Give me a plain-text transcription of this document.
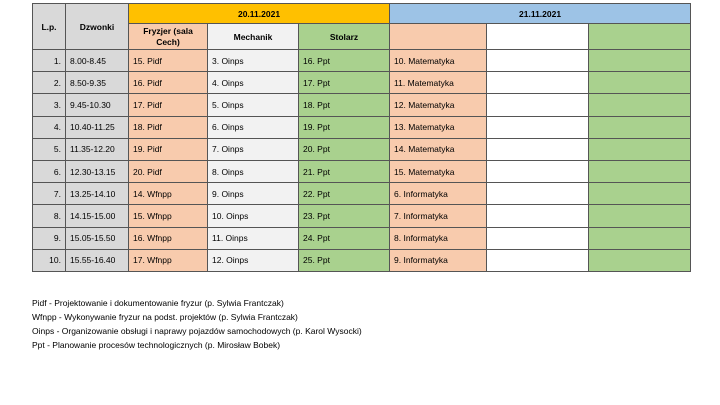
L.p.	Dzwonki	20.11.2021			21.11.2021		
		Fryzjer (sala Cech)	Mechanik	Stolarz			
1.	8.00-8.45	15. Pidf	3. Oinps	16. Ppt	10. Matematyka		
2.	8.50-9.35	16. Pidf	4. Oinps	17. Ppt	11. Matematyka		
3.	9.45-10.30	17. Pidf	5. Oinps	18. Ppt	12. Matematyka		
4.	10.40-11.25	18. Pidf	6. Oinps	19. Ppt	13. Matematyka		
5.	11.35-12.20	19. Pidf	7. Oinps	20. Ppt	14. Matematyka		
6.	12.30-13.15	20. Pidf	8. Oinps	21. Ppt	15. Matematyka		
7.	13.25-14.10	14. Wfnpp	9. Oinps	22. Ppt	6. Informatyka		
8.	14.15-15.00	15. Wfnpp	10. Oinps	23. Ppt	7. Informatyka		
9.	15.05-15.50	16. Wfnpp	11. Oinps	24. Ppt	8. Informatyka		
10.	15.55-16.40	17. Wfnpp	12. Oinps	25. Ppt	9. Informatyka		
Pidf - Projektowanie i dokumentowanie fryzur (p. Sylwia Frantczak)
Wfnpp - Wykonywanie fryzur na podst. projektów (p. Sylwia Frantczak)
Oinps - Organizowanie obsługi i naprawy pojazdów samochodowych (p. Karol Wysocki)
Ppt - Planowanie procesów technologicznych (p. Mirosław Bobek)
